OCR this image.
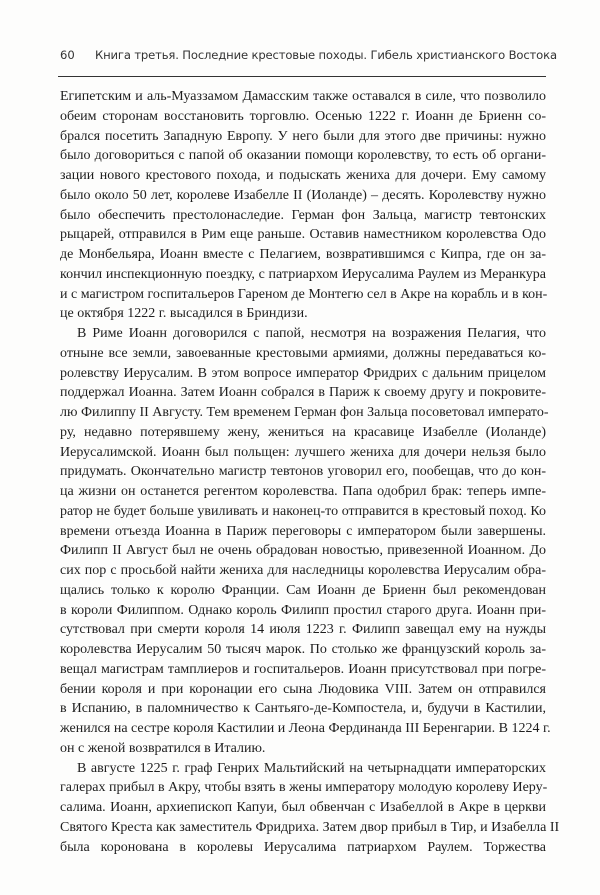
60 Книга третья. Последние крестовые походы. Гибель христианского Востока
Египетским и аль-Муаззамом Дамасским также оставался в силе, что позволило
обеим сторонам восстановить торговлю. Осенью 1222 г. Иоанн де Бриенн со-
брался посетить Западную Европу. У него были для этого две причины: нужно
было договориться с папой об оказании помощи королевству, то есть об органи-
зации нового крестового похода, и подыскать жениха для дочери. Ему самому
было около 50 лет, королеве Изабелле II (Иоланде) – десять. Королевству нужно
было обеспечить престолонаследие. Герман фон Зальца, магистр тевтонских
рыцарей, отправился в Рим еще раньше. Оставив наместником королевства Одо
де Монбельяра, Иоанн вместе с Пелагием, возвратившимся с Кипра, где он за-
кончил инспекционную поездку, с патриархом Иерусалима Раулем из Меранкура
и с магистром госпитальеров Гареном де Монтегю сел в Акре на корабль и в кон-
це октября 1222 г. высадился в Бриндизи.
В Риме Иоанн договорился с папой, несмотря на возражения Пелагия, что
отныне все земли, завоеванные крестовыми армиями, должны передаваться ко-
ролевству Иерусалим. В этом вопросе император Фридрих с дальним прицелом
поддержал Иоанна. Затем Иоанн собрался в Париж к своему другу и покровите-
лю Филиппу II Августу. Тем временем Герман фон Зальца посоветовал императо-
ру, недавно потерявшему жену, жениться на красавице Изабелле (Иоланде)
Иерусалимской. Иоанн был польщен: лучшего жениха для дочери нельзя было
придумать. Окончательно магистр тевтонов уговорил его, пообещав, что до кон-
ца жизни он останется регентом королевства. Папа одобрил брак: теперь импе-
ратор не будет больше увиливать и наконец-то отправится в крестовый поход. Ко
времени отъезда Иоанна в Париж переговоры с императором были завершены.
Филипп II Август был не очень обрадован новостью, привезенной Иоанном. До
сих пор с просьбой найти жениха для наследницы королевства Иерусалим обра-
щались только к королю Франции. Сам Иоанн де Бриенн был рекомендован
в короли Филиппом. Однако король Филипп простил старого друга. Иоанн при-
сутствовал при смерти короля 14 июля 1223 г. Филипп завещал ему на нужды
королевства Иерусалим 50 тысяч марок. По столько же французский король за-
вещал магистрам тамплиеров и госпитальеров. Иоанн присутствовал при погре-
бении короля и при коронации его сына Людовика VIII. Затем он отправился
в Испанию, в паломничество к Сантьяго-де-Компостела, и, будучи в Кастилии,
женился на сестре короля Кастилии и Леона Фердинанда III Беренгарии. В 1224 г.
он с женой возвратился в Италию.
В августе 1225 г. граф Генрих Мальтийский на четырнадцати императорских
галерах прибыл в Акру, чтобы взять в жены императору молодую королеву Иеру-
салима. Иоанн, архиепископ Капуи, был обвенчан с Изабеллой в Акре в церкви
Святого Креста как заместитель Фридриха. Затем двор прибыл в Тир, и Изабелла II
была коронована в королевы Иерусалима патриархом Раулем. Торжества
